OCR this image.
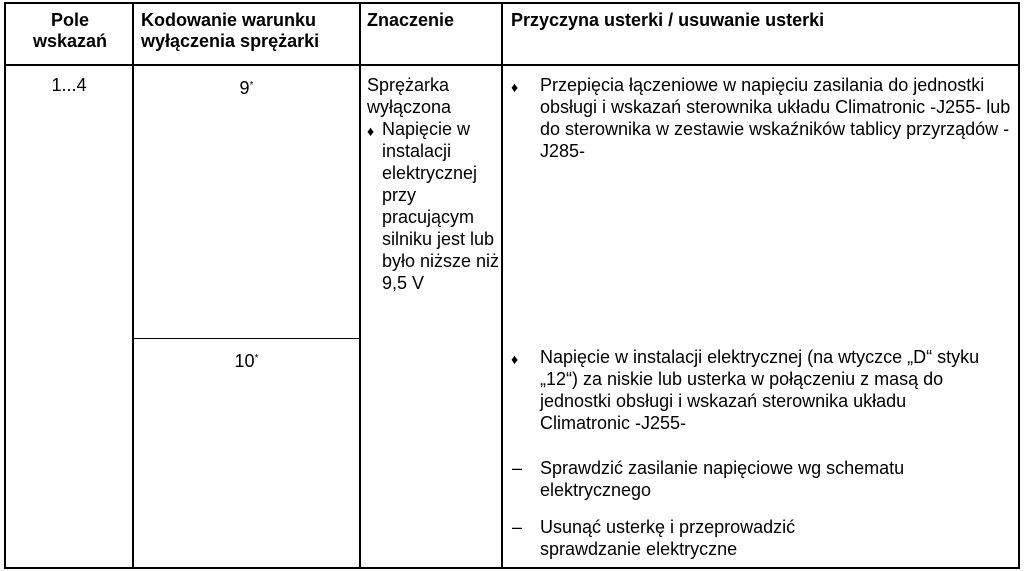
Pole wskazań
Kodowanie warunku wyłączenia sprężarki
Znaczenie	Przyczyna usterki / usuwanie usterki
1...4	9*
10*
Sprężarka wyłączona
♦ Napięcie w instalacji elektrycznej przy pracującym silniku jest lub było niższe niż 9,5 V
♦ Przepięcia łączeniowe w napięciu zasilania do jednostki obsługi i wskazań sterownika układu Climatronic -J255- lub do sterownika w zestawie wskaźników tablicy przyrządów -J285-
♦ Napięcie w instalacji elektrycznej (na wtyczce „D“ styku „12“) za niskie lub usterka w połączeniu z masą do jednostki obsługi i wskazań sterownika układu Climatronic -J255-
– Sprawdzić zasilanie napięciowe wg schematu elektrycznego
– Usunąć usterkę i przeprowadzić sprawdzanie elektryczne
